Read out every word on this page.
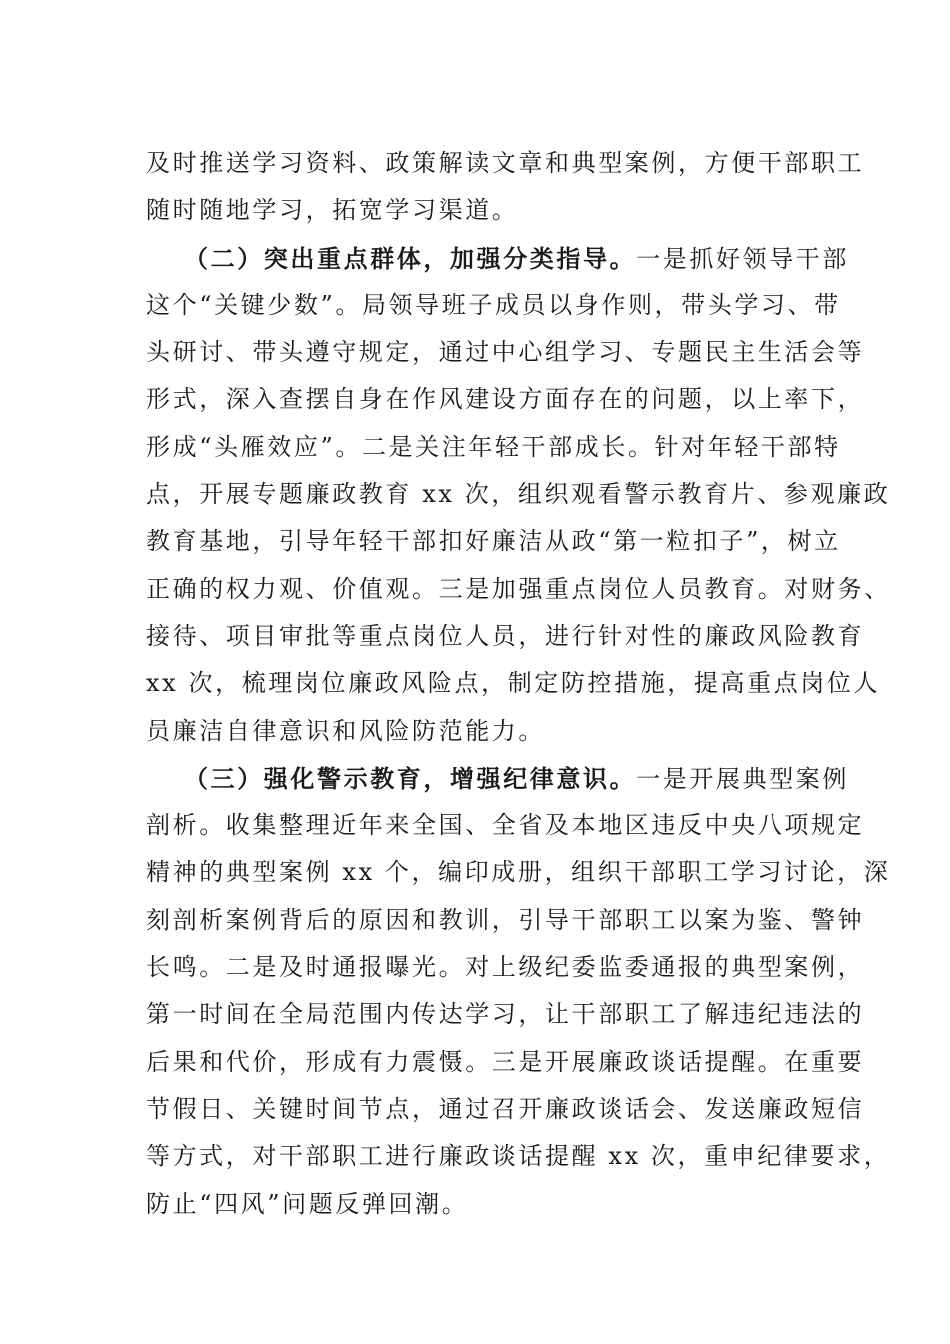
及时推送学习资料、政策解读文章和典型案例，方便干部职工
随时随地学习，拓宽学习渠道。
（二）突出重点群体，加强分类指导。一是抓好领导干部
这个“关键少数”。局领导班子成员以身作则，带头学习、带
头研讨、带头遵守规定，通过中心组学习、专题民主生活会等
形式，深入查摆自身在作风建设方面存在的问题，以上率下，
形成“头雁效应”。二是关注年轻干部成长。针对年轻干部特
点，开展专题廉政教育 xx 次，组织观看警示教育片、参观廉政
教育基地，引导年轻干部扣好廉洁从政“第一粒扣子”，树立
正确的权力观、价值观。三是加强重点岗位人员教育。对财务、
接待、项目审批等重点岗位人员，进行针对性的廉政风险教育
xx 次，梳理岗位廉政风险点，制定防控措施，提高重点岗位人
员廉洁自律意识和风险防范能力。
（三）强化警示教育，增强纪律意识。一是开展典型案例
剖析。收集整理近年来全国、全省及本地区违反中央八项规定
精神的典型案例 xx 个，编印成册，组织干部职工学习讨论，深
刻剖析案例背后的原因和教训，引导干部职工以案为鉴、警钟
长鸣。二是及时通报曝光。对上级纪委监委通报的典型案例，
第一时间在全局范围内传达学习，让干部职工了解违纪违法的
后果和代价，形成有力震慑。三是开展廉政谈话提醒。在重要
节假日、关键时间节点，通过召开廉政谈话会、发送廉政短信
等方式，对干部职工进行廉政谈话提醒 xx 次，重申纪律要求，
防止“四风”问题反弹回潮。
